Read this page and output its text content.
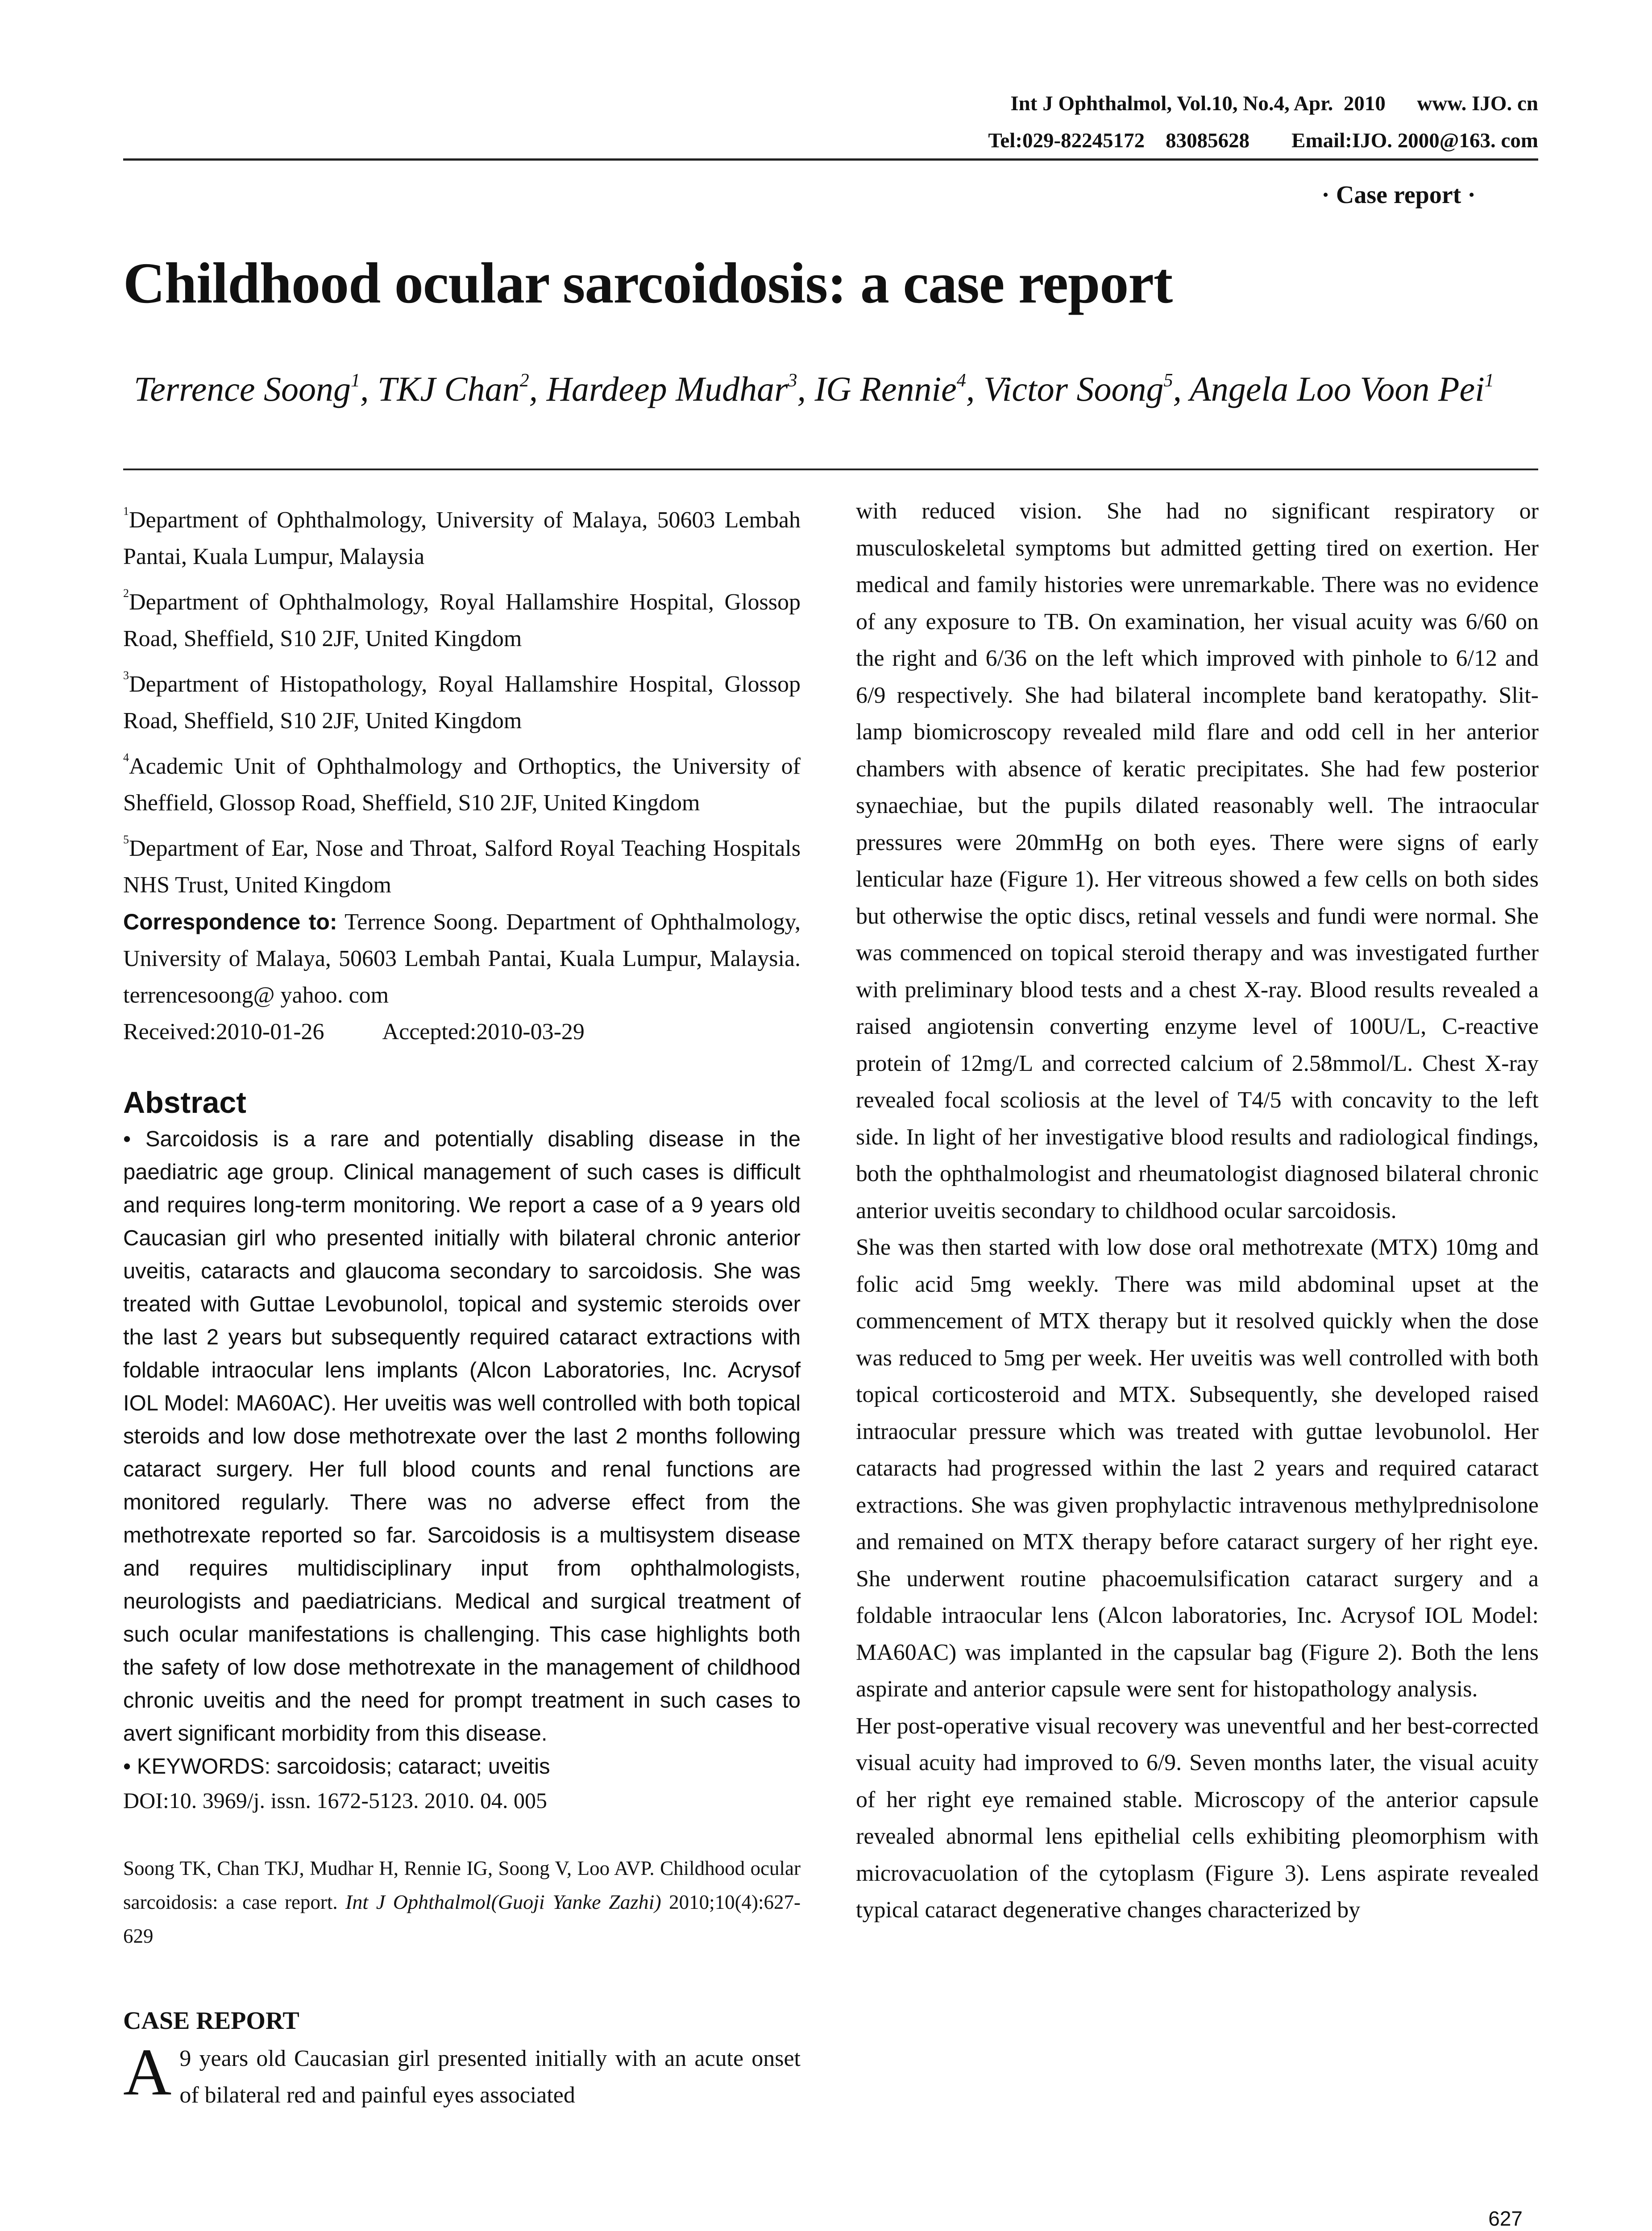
Int J Ophthalmol, Vol.10, No.4, Apr.  2010      www. IJO. cn
Tel:029-82245172    83085628        Email:IJO. 2000@163. com
· Case report ·
Childhood ocular sarcoidosis: a case report
Terrence Soong$^1$, TKJ Chan$^2$, Hardeep Mudhar$^3$, IG Rennie$^4$, Victor Soong$^5$, Angela Loo Voon Pei$^1$

$^1$Department of Ophthalmology, University of Malaya, 50603 Lembah Pantai, Kuala Lumpur, Malaysia

$^2$Department of Ophthalmology, Royal Hallamshire Hospital, Glossop Road, Sheffield, S10 2JF, United Kingdom

$^3$Department of Histopathology, Royal Hallamshire Hospital, Glossop Road, Sheffield, S10 2JF, United Kingdom

$^4$Academic Unit of Ophthalmology and Orthoptics, the University of Sheffield, Glossop Road, Sheffield, S10 2JF, United Kingdom

$^5$Department of Ear, Nose and Throat, Salford Royal Teaching Hospitals NHS Trust, United Kingdom

Correspondence to: Terrence Soong. Department of Ophthalmology, University of Malaya, 50603 Lembah Pantai, Kuala Lumpur, Malaysia. terrencesoong@ yahoo. com

Received:2010-01-26	Accepted:2010-03-29

Abstract

• Sarcoidosis is a rare and potentially disabling disease in the paediatric age group. Clinical management of such cases is difficult and requires long-term monitoring. We report a case of a 9 years old Caucasian girl who presented initially with bilateral chronic anterior uveitis, cataracts and glaucoma secondary to sarcoidosis. She was treated with Guttae Levobunolol, topical and systemic steroids over the last 2 years but subsequently required cataract extractions with foldable intraocular lens implants (Alcon Laboratories, Inc. Acrysof IOL Model: MA60AC). Her uveitis was well controlled with both topical steroids and low dose methotrexate over the last 2 months following cataract surgery. Her full blood counts and renal functions are monitored regularly. There was no adverse effect from the methotrexate reported so far. Sarcoidosis is a multisystem disease and requires multidisciplinary input from ophthalmologists, neurologists and paediatricians. Medical and surgical treatment of such ocular manifestations is challenging. This case highlights both the safety of low dose methotrexate in the management of childhood chronic uveitis and the need for prompt treatment in such cases to avert significant morbidity from this disease.

• KEYWORDS: sarcoidosis; cataract; uveitis

DOI:10. 3969/j. issn. 1672-5123. 2010. 04. 005

Soong TK, Chan TKJ, Mudhar H, Rennie IG, Soong V, Loo AVP. Childhood ocular sarcoidosis: a case report. Int J Ophthalmol(Guoji Yanke Zazhi) 2010;10(4):627-629

CASE REPORT
A 9 years old Caucasian girl presented initially with an acute onset of bilateral red and painful eyes associated

with reduced vision. She had no significant respiratory or musculoskeletal symptoms but admitted getting tired on exertion. Her medical and family histories were unremarkable. There was no evidence of any exposure to TB. On examination, her visual acuity was 6/60 on the right and 6/36 on the left which improved with pinhole to 6/12 and 6/9 respectively. She had bilateral incomplete band keratopathy. Slit-lamp biomicroscopy revealed mild flare and odd cell in her anterior chambers with absence of keratic precipitates. She had few posterior synaechiae, but the pupils dilated reasonably well. The intraocular pressures were 20mmHg on both eyes. There were signs of early lenticular haze (Figure 1). Her vitreous showed a few cells on both sides but otherwise the optic discs, retinal vessels and fundi were normal. She was commenced on topical steroid therapy and was investigated further with preliminary blood tests and a chest X-ray. Blood results revealed a raised angiotensin converting enzyme level of 100U/L, C-reactive protein of 12mg/L and corrected calcium of 2.58mmol/L. Chest X-ray revealed focal scoliosis at the level of T4/5 with concavity to the left side. In light of her investigative blood results and radiological findings, both the ophthalmologist and rheumatologist diagnosed bilateral chronic anterior uveitis secondary to childhood ocular sarcoidosis.

She was then started with low dose oral methotrexate (MTX) 10mg and folic acid 5mg weekly. There was mild abdominal upset at the commencement of MTX therapy but it resolved quickly when the dose was reduced to 5mg per week. Her uveitis was well controlled with both topical corticosteroid and MTX. Subsequently, she developed raised intraocular pressure which was treated with guttae levobunolol. Her cataracts had progressed within the last 2 years and required cataract extractions. She was given prophylactic intravenous methylprednisolone and remained on MTX therapy before cataract surgery of her right eye. She underwent routine phacoemulsification cataract surgery and a foldable intraocular lens (Alcon laboratories, Inc. Acrysof IOL Model: MA60AC) was implanted in the capsular bag (Figure 2). Both the lens aspirate and anterior capsule were sent for histopathology analysis.

Her post-operative visual recovery was uneventful and her best-corrected visual acuity had improved to 6/9. Seven months later, the visual acuity of her right eye remained stable. Microscopy of the anterior capsule revealed abnormal lens epithelial cells exhibiting pleomorphism with microvacuolation of the cytoplasm (Figure 3). Lens aspirate revealed typical cataract degenerative changes characterized by

627
